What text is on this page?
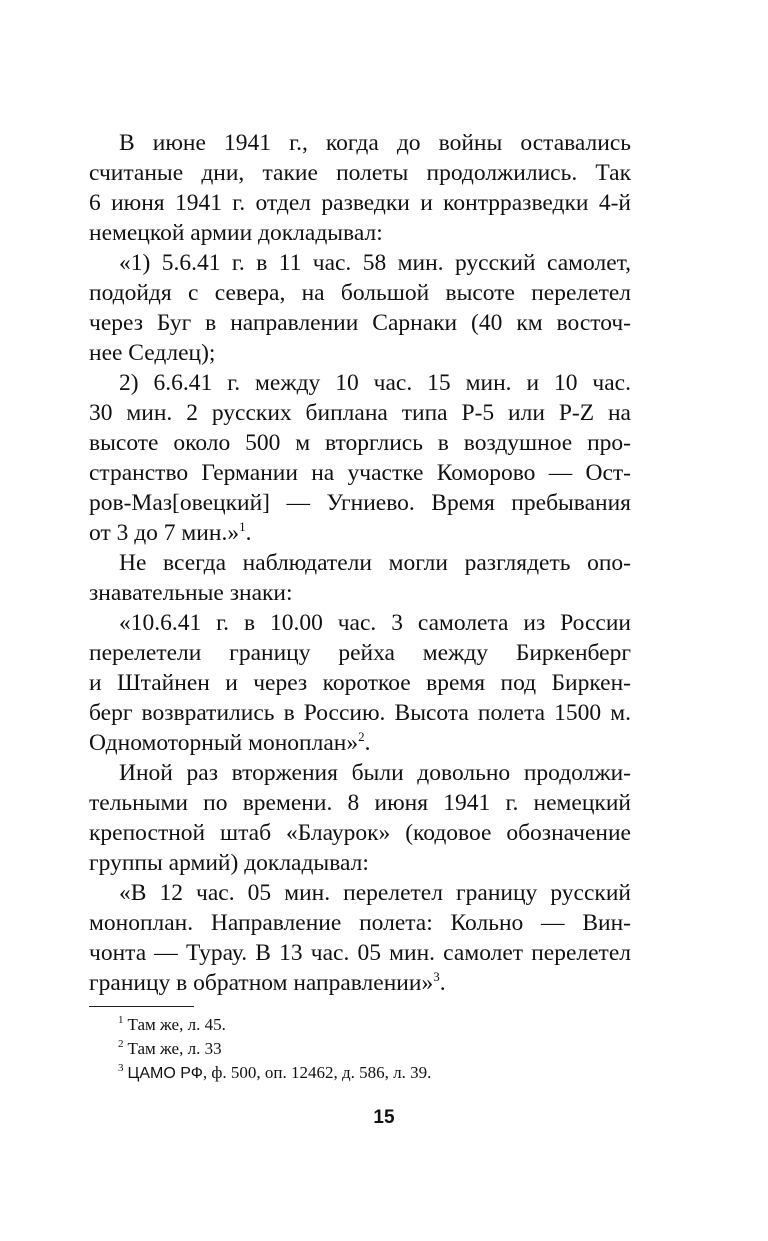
В июне 1941 г., когда до войны оставались
считаные дни, такие полеты продолжились. Так
6 июня 1941 г. отдел разведки и контрразведки 4-й
немецкой армии докладывал:
«1) 5.6.41 г. в 11 час. 58 мин. русский самолет,
подойдя с севера, на большой высоте перелетел
через Буг в направлении Сарнаки (40 км восточ-
нее Седлец);
2) 6.6.41 г. между 10 час. 15 мин. и 10 час.
30 мин. 2 русских биплана типа Р-5 или P-Z на
высоте около 500 м вторглись в воздушное про-
странство Германии на участке Коморово — Ост-
ров-Маз[овецкий] — Угниево. Время пребывания
от 3 до 7 мин.»$^1$.
Не всегда наблюдатели могли разглядеть опо-
знавательные знаки:
«10.6.41 г. в 10.00 час. 3 самолета из России
перелетели границу рейха между Биркенберг
и Штайнен и через короткое время под Биркен-
берг возвратились в Россию. Высота полета 1500 м.
Одномоторный моноплан»$^2$.
Иной раз вторжения были довольно продолжи-
тельными по времени. 8 июня 1941 г. немецкий
крепостной штаб «Блаурок» (кодовое обозначение
группы армий) докладывал:
«В 12 час. 05 мин. перелетел границу русский
моноплан. Направление полета: Кольно — Вин-
чонта — Турау. В 13 час. 05 мин. самолет перелетел
границу в обратном направлении»$^3$.
$^1$ Там же, л. 45.
$^2$ Там же, л. 33
$^3$ ЦАМО РФ, ф. 500, оп. 12462, д. 586, л. 39.
15
